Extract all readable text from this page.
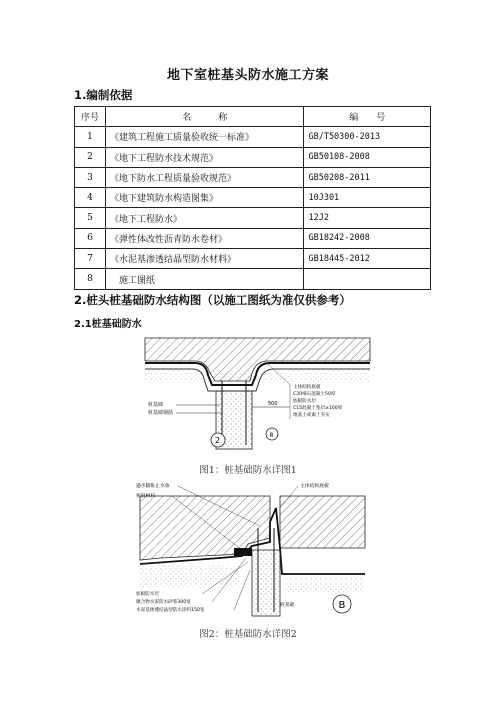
地下室桩基头防水施工方案
1.编制依据
序号	名　　　称	编　　号
1	《建筑工程施工质量验收统一标准》	GB/T50300-2013
2	《地下工程防水技术规范》	GB50108-2008
3	《地下防水工程质量验收规范》	GB50208-2011
4	《地下建筑防水构造图集》	10J301
5	《地下工程防水》	12J2
6	《弹性体改性沥青防水卷材》	GB18242-2008
7	《水泥基渗透结晶型防水材料》	GB18445-2012
8	　施工图纸	
2.桩头桩基础防水结构图（以施工图纸为准仅供参考）
2.1桩基础防水
桩基础
桩基础钢筋
500
主体结构底板
C20细石混凝土50厚
底板防水层
C15混凝土垫层≥100厚
地基土或素土夯实
2
8
图1：桩基础防水详图1
遇水膨胀止水条
密封材料
主体结构底板
底板防水层
聚合物水泥防水砂浆300宽
水泥基渗透结晶型防水涂料150宽
桩基础	B
图2：桩基础防水详图2
